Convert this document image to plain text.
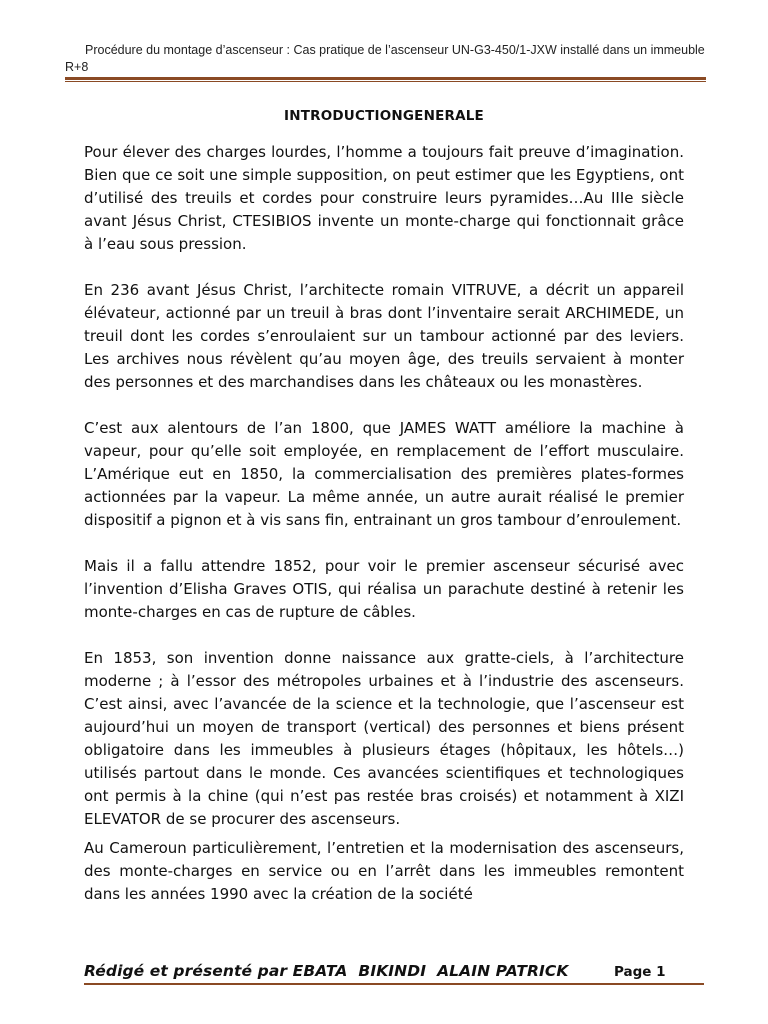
Procédure du montage d’ascenseur : Cas pratique de l’ascenseur UN-G3-450/1-JXW installé dans un immeuble R+8
INTRODUCTIONGENERALE

Pour élever des charges lourdes, l’homme a toujours fait preuve d’imagination. Bien que ce soit une simple supposition, on peut estimer que les Egyptiens, ont d’utilisé des treuils et cordes pour construire leurs pyramides…Au IIIe siècle avant Jésus Christ, CTESIBIOS invente un monte-charge qui fonctionnait grâce à l’eau sous pression.

En 236 avant Jésus Christ, l’architecte romain VITRUVE, a décrit un appareil élévateur, actionné par un treuil à bras dont l’inventaire serait ARCHIMEDE, un treuil dont les cordes s’enroulaient sur un tambour actionné par des leviers. Les archives nous révèlent qu’au moyen âge, des treuils servaient à monter des personnes et des marchandises dans les châteaux ou les monastères.

C’est aux alentours de l’an 1800, que JAMES WATT améliore la machine à vapeur, pour qu’elle soit employée, en remplacement de l’effort musculaire. L’Amérique eut en 1850, la commercialisation des premières plates-formes actionnées par la vapeur. La même année, un autre aurait réalisé le premier dispositif a pignon et à vis sans fin, entrainant un gros tambour d’enroulement.

Mais il a fallu attendre 1852, pour voir le premier ascenseur sécurisé avec l’invention d’Elisha Graves OTIS, qui réalisa un parachute destiné à retenir les monte-charges en cas de rupture de câbles.

En 1853, son invention donne naissance aux gratte-ciels, à l’architecture moderne ; à l’essor des métropoles urbaines et à l’industrie des ascenseurs. C’est ainsi, avec l’avancée de la science et la technologie, que l’ascenseur est aujourd’hui un moyen de transport (vertical) des personnes et biens présent obligatoire dans les immeubles à plusieurs étages (hôpitaux, les hôtels…) utilisés partout dans le monde. Ces avancées scientifiques et technologiques ont permis à la chine (qui n’est pas restée bras croisés) et notamment à XIZI ELEVATOR de se procurer des ascenseurs.

Au Cameroun particulièrement, l’entretien et la modernisation des ascenseurs, des monte-charges en service ou en l’arrêt dans les immeubles remontent dans les années 1990 avec la création de la société

Rédigé et présenté par EBATA  BIKINDI  ALAIN PATRICK	Page 1
